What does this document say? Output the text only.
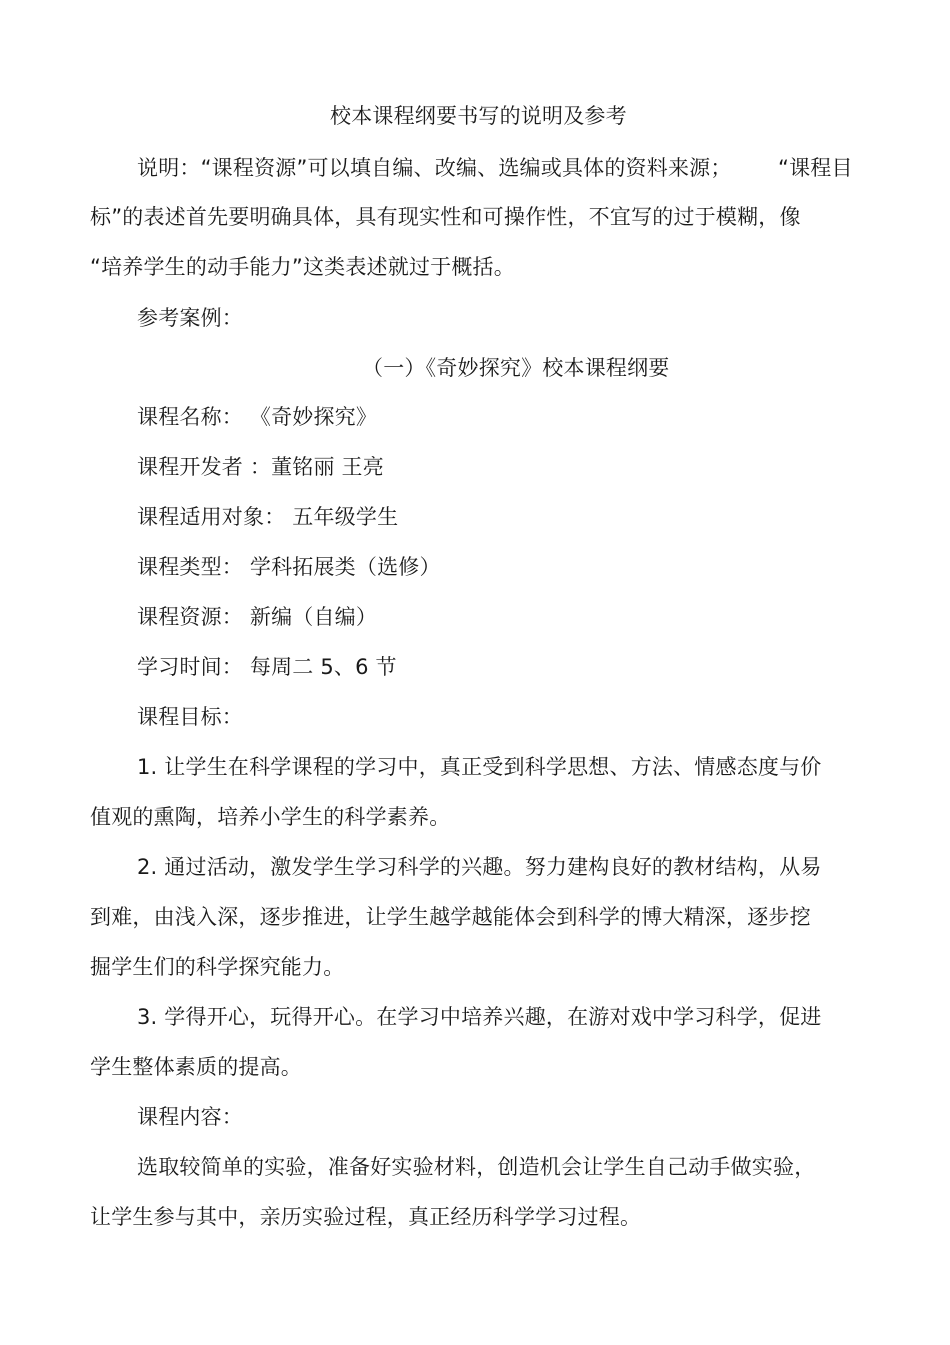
校本课程纲要书写的说明及参考
说明：“课程资源”可以填自编、改编、选编或具体的资料来源； “课程目
标”的表述首先要明确具体，具有现实性和可操作性，不宜写的过于模糊，像
“培养学生的动手能力”这类表述就过于概括。
参考案例：
（一）《奇妙探究》校本课程纲要
课程名称： 《奇妙探究》
课程开发者 ：董铭丽 王亮
课程适用对象： 五年级学生
课程类型： 学科拓展类（选修）
课程资源： 新编（自编）
学习时间： 每周二 5、6 节
课程目标：
1. 让学生在科学课程的学习中，真正受到科学思想、方法、情感态度与价
值观的熏陶，培养小学生的科学素养。
2. 通过活动，激发学生学习科学的兴趣。努力建构良好的教材结构，从易
到难，由浅入深，逐步推进，让学生越学越能体会到科学的博大精深，逐步挖
掘学生们的科学探究能力。
3. 学得开心，玩得开心。在学习中培养兴趣，在游对戏中学习科学，促进
学生整体素质的提高。
课程内容：
选取较简单的实验，准备好实验材料，创造机会让学生自己动手做实验，
让学生参与其中，亲历实验过程，真正经历科学学习过程。
